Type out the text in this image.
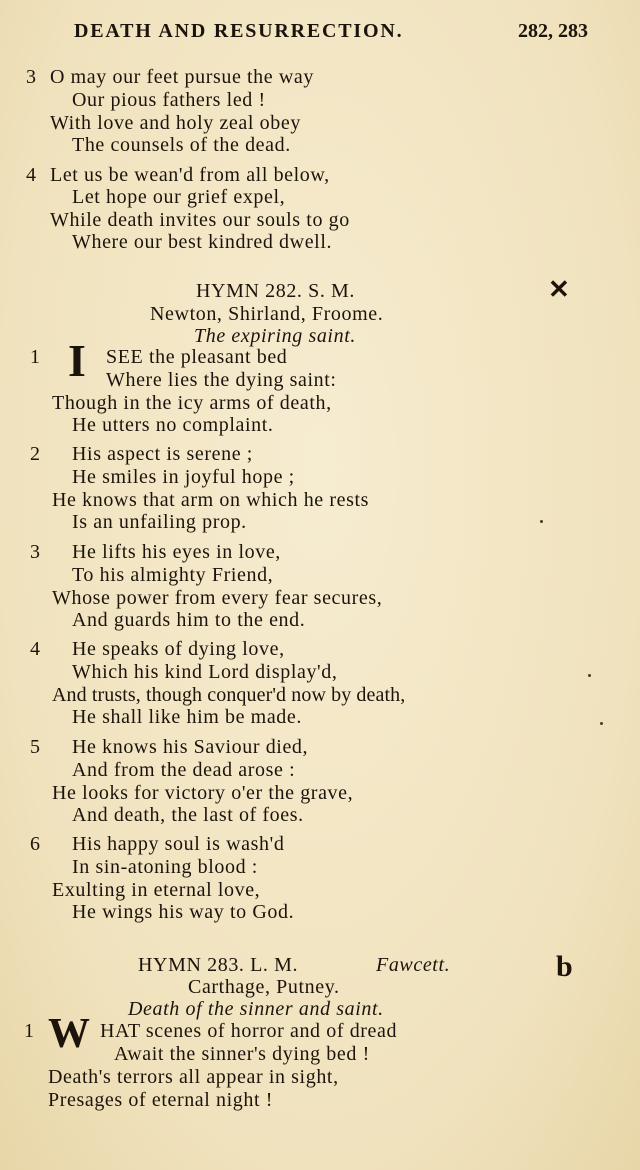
DEATH AND RESURRECTION.	282, 283
3 O may our feet pursue the way
Our pious fathers led !
With love and holy zeal obey
The counsels of the dead.
4 Let us be wean'd from all below,
Let hope our grief expel,
While death invites our souls to go
Where our best kindred dwell.
HYMN 282. S. M.	✕
Newton, Shirland, Froome.
The expiring saint.
1 I SEE the pleasant bed
Where lies the dying saint:
Though in the icy arms of death,
He utters no complaint.
2 His aspect is serene ;
He smiles in joyful hope ;
He knows that arm on which he rests
Is an unfailing prop.
3 He lifts his eyes in love,
To his almighty Friend,
Whose power from every fear secures,
And guards him to the end.
4 He speaks of dying love,
Which his kind Lord display'd,
And trusts, though conquer'd now by death,
He shall like him be made.
5 He knows his Saviour died,
And from the dead arose :
He looks for victory o'er the grave,
And death, the last of foes.
6 His happy soul is wash'd
In sin-atoning blood :
Exulting in eternal love,
He wings his way to God.
HYMN 283. L. M.	Fawcett.	b
Carthage, Putney.
Death of the sinner and saint.
1 W HAT scenes of horror and of dread
Await the sinner's dying bed !
Death's terrors all appear in sight,
Presages of eternal night !
